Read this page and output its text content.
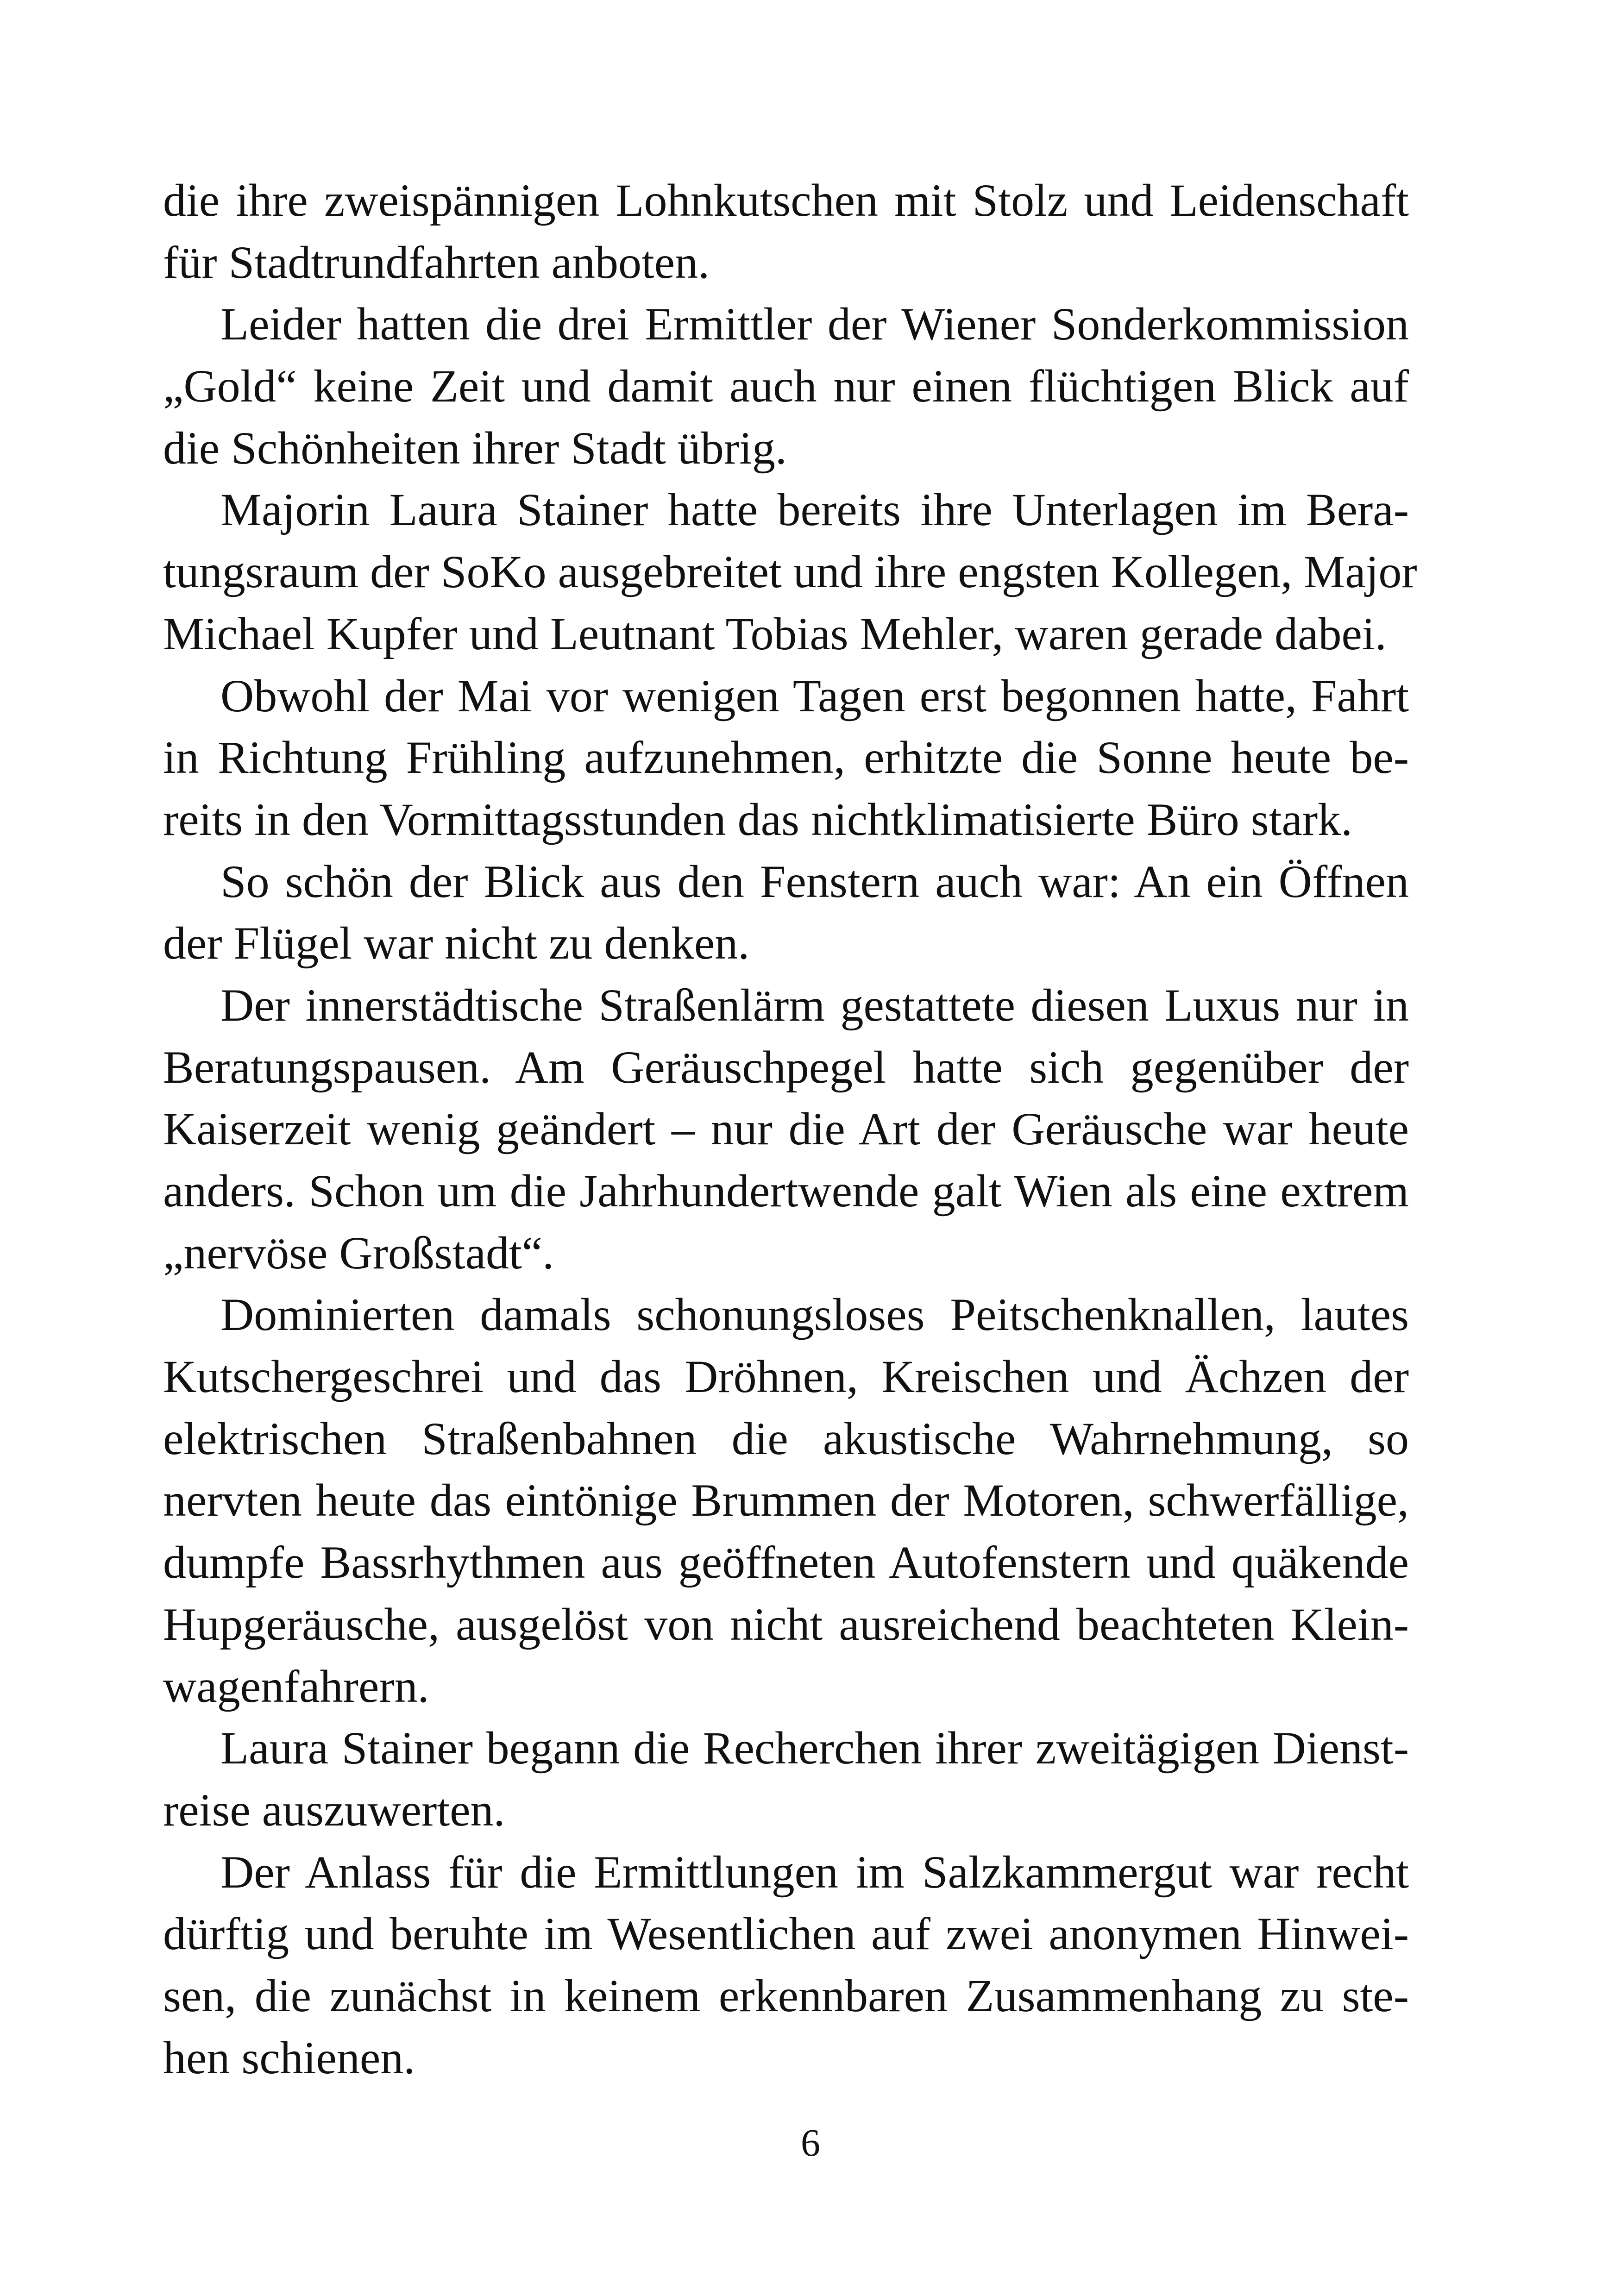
die ihre zweispännigen Lohnkutschen mit Stolz und Leidenschaft
für Stadtrundfahrten anboten.
Leider hatten die drei Ermittler der Wiener Sonderkommission
„Gold“ keine Zeit und damit auch nur einen flüchtigen Blick auf
die Schönheiten ihrer Stadt übrig.
Majorin Laura Stainer hatte bereits ihre Unterlagen im Bera-
tungsraum der SoKo ausgebreitet und ihre engsten Kollegen, Major
Michael Kupfer und Leutnant Tobias Mehler, waren gerade dabei.
Obwohl der Mai vor wenigen Tagen erst begonnen hatte, Fahrt
in Richtung Frühling aufzunehmen, erhitzte die Sonne heute be-
reits in den Vormittagsstunden das nichtklimatisierte Büro stark.
So schön der Blick aus den Fenstern auch war: An ein Öffnen
der Flügel war nicht zu denken.
Der innerstädtische Straßenlärm gestattete diesen Luxus nur in
Beratungspausen. Am Geräuschpegel hatte sich gegenüber der
Kaiserzeit wenig geändert – nur die Art der Geräusche war heute
anders. Schon um die Jahrhundertwende galt Wien als eine extrem
„nervöse Großstadt“.
Dominierten damals schonungsloses Peitschenknallen, lautes
Kutschergeschrei und das Dröhnen, Kreischen und Ächzen der
elektrischen Straßenbahnen die akustische Wahrnehmung, so
nervten heute das eintönige Brummen der Motoren, schwerfällige,
dumpfe Bassrhythmen aus geöffneten Autofenstern und quäkende
Hupgeräusche, ausgelöst von nicht ausreichend beachteten Klein-
wagenfahrern.
Laura Stainer begann die Recherchen ihrer zweitägigen Dienst-
reise auszuwerten.
Der Anlass für die Ermittlungen im Salzkammergut war recht
dürftig und beruhte im Wesentlichen auf zwei anonymen Hinwei-
sen, die zunächst in keinem erkennbaren Zusammenhang zu ste-
hen schienen.
6
